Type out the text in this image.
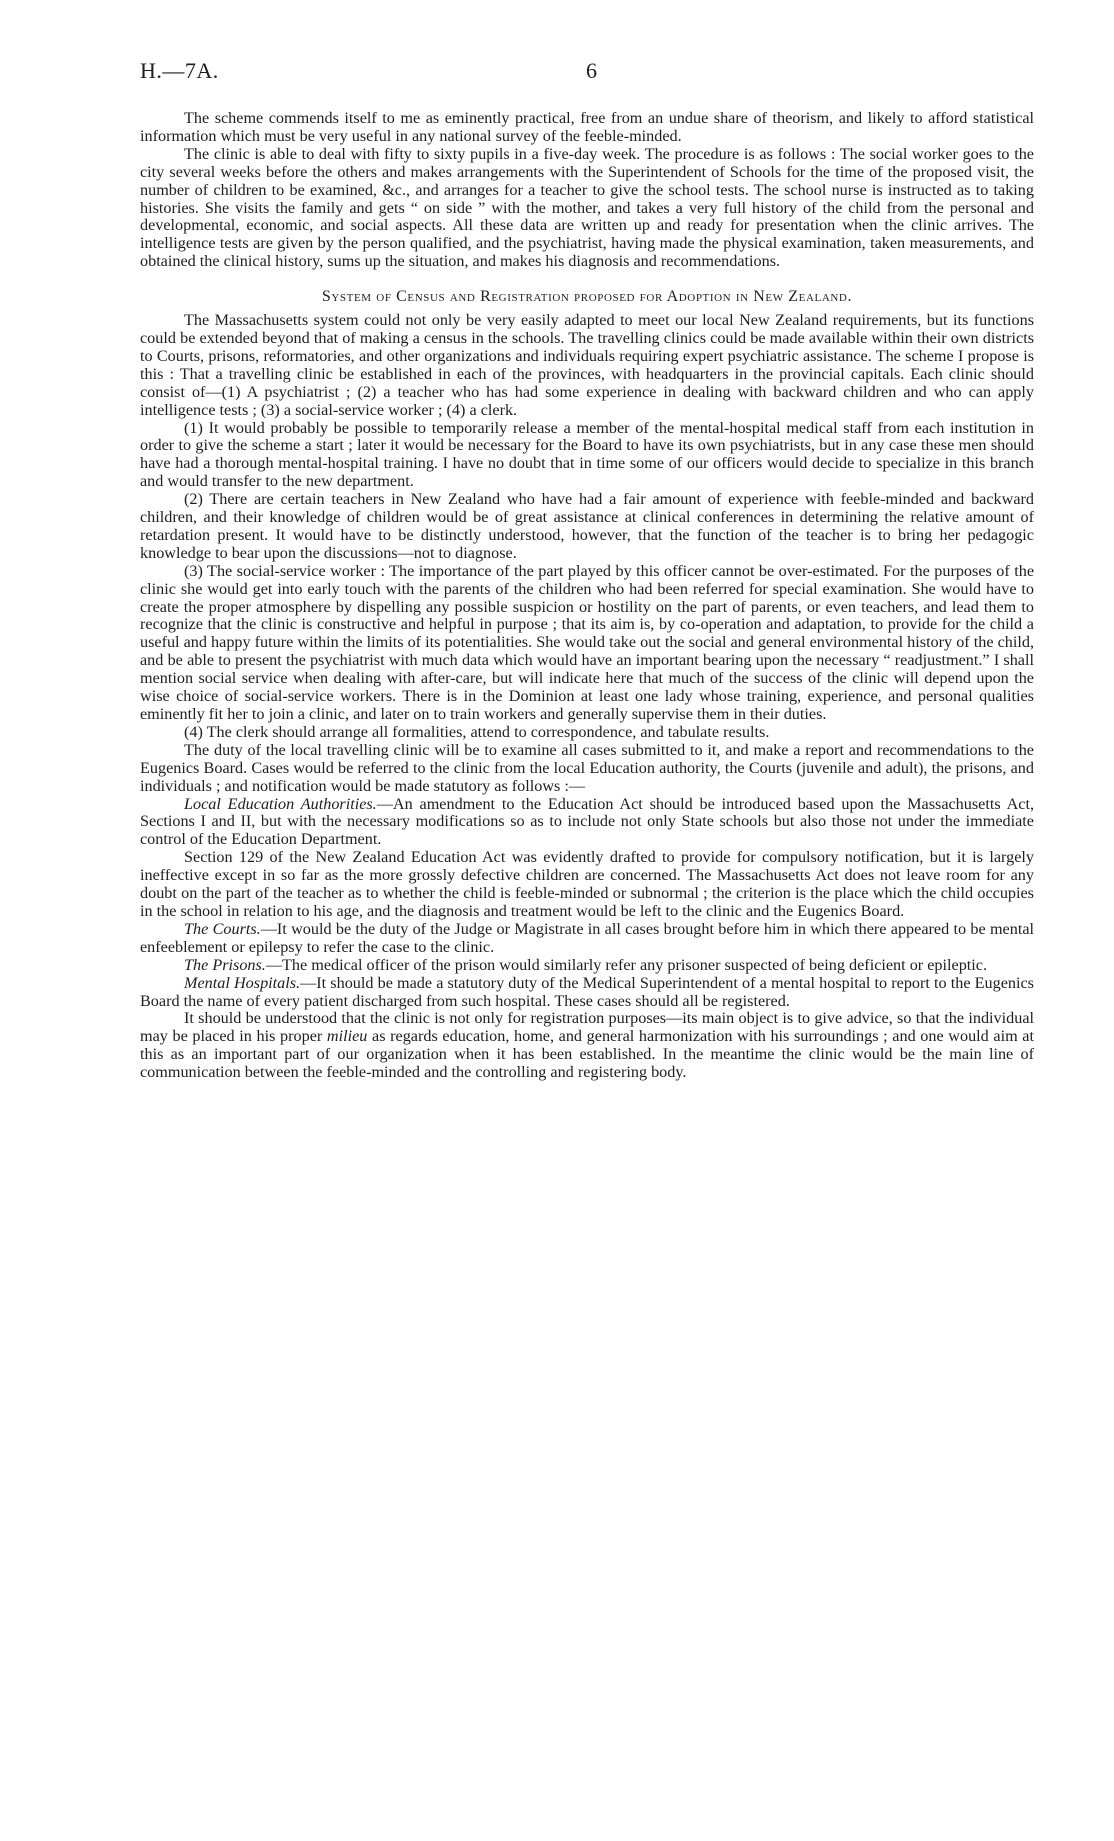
H.—7A.	6

The scheme commends itself to me as eminently practical, free from an undue share of theorism, and likely to afford statistical information which must be very useful in any national survey of the feeble-minded.

The clinic is able to deal with fifty to sixty pupils in a five-day week. The procedure is as follows : The social worker goes to the city several weeks before the others and makes arrangements with the Superintendent of Schools for the time of the proposed visit, the number of children to be examined, &c., and arranges for a teacher to give the school tests. The school nurse is instructed as to taking histories. She visits the family and gets “ on side ” with the mother, and takes a very full history of the child from the personal and developmental, economic, and social aspects. All these data are written up and ready for presentation when the clinic arrives. The intelligence tests are given by the person qualified, and the psychiatrist, having made the physical examination, taken measurements, and obtained the clinical history, sums up the situation, and makes his diagnosis and recommendations.

System of Census and Registration proposed for Adoption in New Zealand.

The Massachusetts system could not only be very easily adapted to meet our local New Zealand requirements, but its functions could be extended beyond that of making a census in the schools. The travelling clinics could be made available within their own districts to Courts, prisons, reformatories, and other organizations and individuals requiring expert psychiatric assistance. The scheme I propose is this : That a travelling clinic be established in each of the provinces, with headquarters in the provincial capitals. Each clinic should consist of—(1) A psychiatrist ; (2) a teacher who has had some experience in dealing with backward children and who can apply intelligence tests ; (3) a social-service worker ; (4) a clerk.

(1) It would probably be possible to temporarily release a member of the mental-hospital medical staff from each institution in order to give the scheme a start ; later it would be necessary for the Board to have its own psychiatrists, but in any case these men should have had a thorough mental-hospital training. I have no doubt that in time some of our officers would decide to specialize in this branch and would transfer to the new department.

(2) There are certain teachers in New Zealand who have had a fair amount of experience with feeble-minded and backward children, and their knowledge of children would be of great assistance at clinical conferences in determining the relative amount of retardation present. It would have to be distinctly understood, however, that the function of the teacher is to bring her pedagogic knowledge to bear upon the discussions—not to diagnose.

(3) The social-service worker : The importance of the part played by this officer cannot be over-estimated. For the purposes of the clinic she would get into early touch with the parents of the children who had been referred for special examination. She would have to create the proper atmosphere by dispelling any possible suspicion or hostility on the part of parents, or even teachers, and lead them to recognize that the clinic is constructive and helpful in purpose ; that its aim is, by co-operation and adaptation, to provide for the child a useful and happy future within the limits of its potentialities. She would take out the social and general environmental history of the child, and be able to present the psychiatrist with much data which would have an important bearing upon the necessary “ readjustment.” I shall mention social service when dealing with after-care, but will indicate here that much of the success of the clinic will depend upon the wise choice of social-service workers. There is in the Dominion at least one lady whose training, experience, and personal qualities eminently fit her to join a clinic, and later on to train workers and generally supervise them in their duties.

(4) The clerk should arrange all formalities, attend to correspondence, and tabulate results.

The duty of the local travelling clinic will be to examine all cases submitted to it, and make a report and recommendations to the Eugenics Board. Cases would be referred to the clinic from the local Education authority, the Courts (juvenile and adult), the prisons, and individuals ; and notification would be made statutory as follows :—

Local Education Authorities.—An amendment to the Education Act should be introduced based upon the Massachusetts Act, Sections I and II, but with the necessary modifications so as to include not only State schools but also those not under the immediate control of the Education Department.

Section 129 of the New Zealand Education Act was evidently drafted to provide for compulsory notification, but it is largely ineffective except in so far as the more grossly defective children are concerned. The Massachusetts Act does not leave room for any doubt on the part of the teacher as to whether the child is feeble-minded or subnormal ; the criterion is the place which the child occupies in the school in relation to his age, and the diagnosis and treatment would be left to the clinic and the Eugenics Board.

The Courts.—It would be the duty of the Judge or Magistrate in all cases brought before him in which there appeared to be mental enfeeblement or epilepsy to refer the case to the clinic.

The Prisons.—The medical officer of the prison would similarly refer any prisoner suspected of being deficient or epileptic.

Mental Hospitals.—It should be made a statutory duty of the Medical Superintendent of a mental hospital to report to the Eugenics Board the name of every patient discharged from such hospital. These cases should all be registered.

It should be understood that the clinic is not only for registration purposes—its main object is to give advice, so that the individual may be placed in his proper milieu as regards education, home, and general harmonization with his surroundings ; and one would aim at this as an important part of our organization when it has been established. In the meantime the clinic would be the main line of communication between the feeble-minded and the controlling and registering body.
